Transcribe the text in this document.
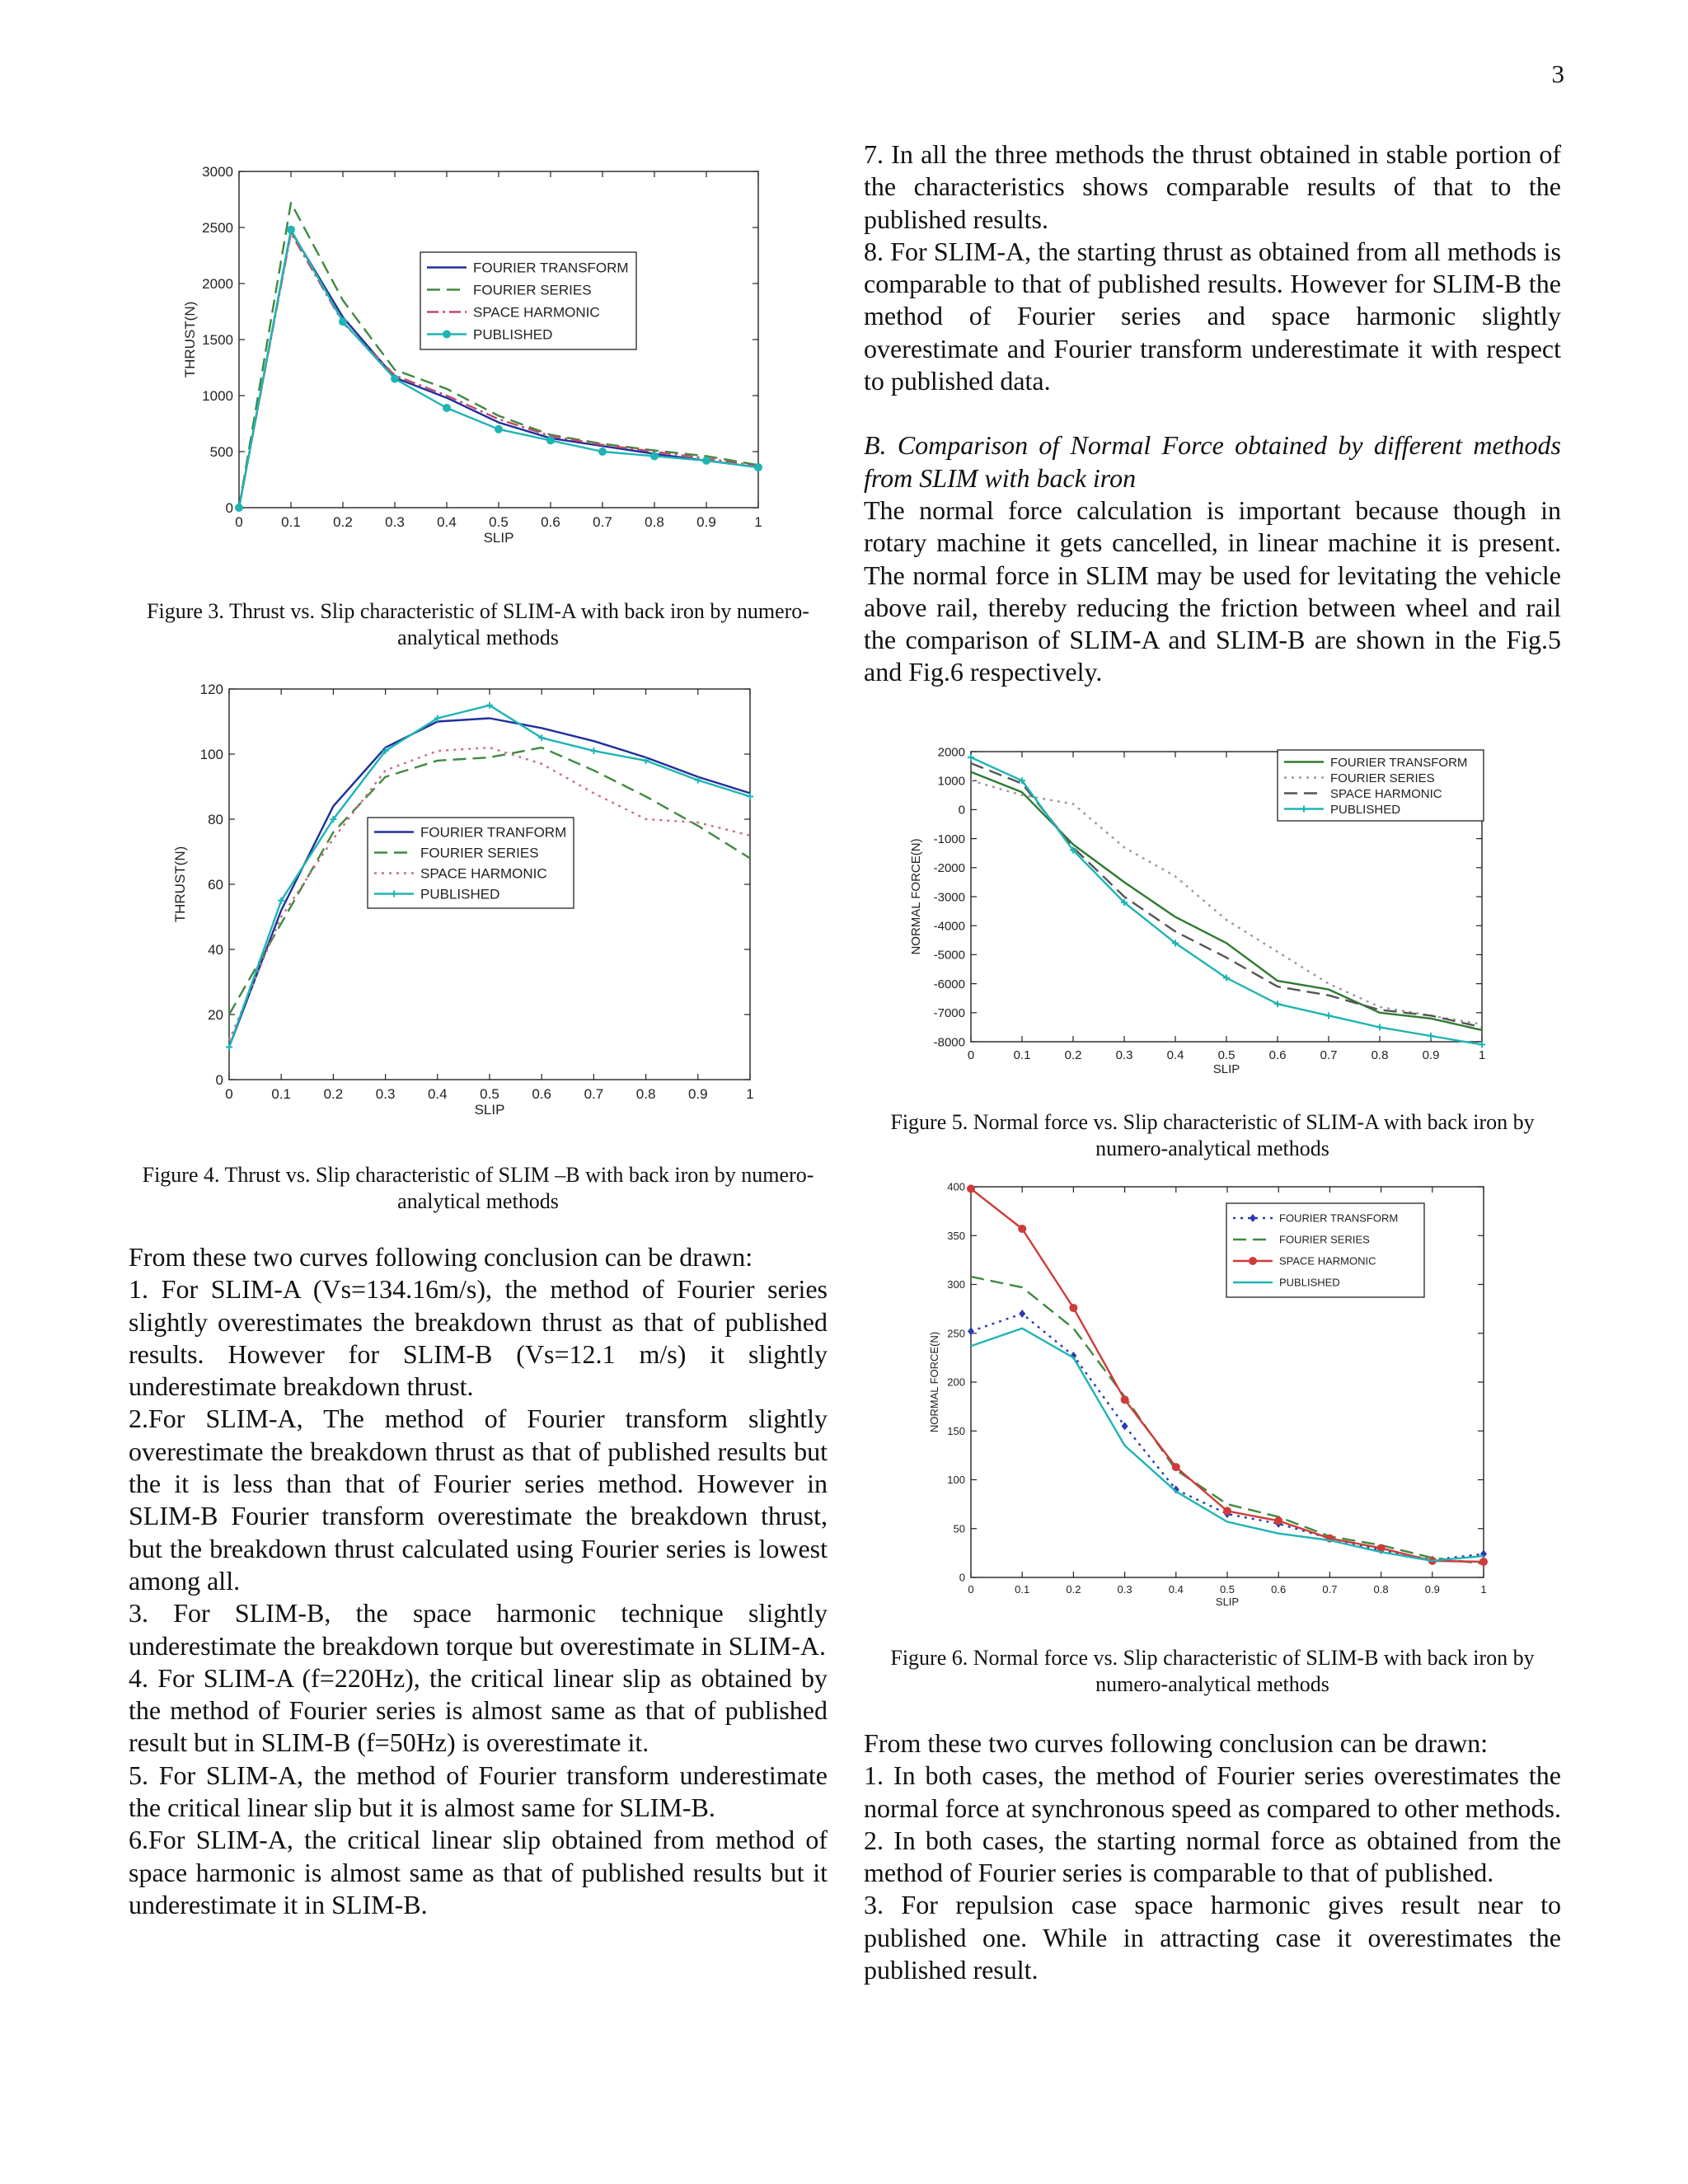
3
0	0.1 0.2 0.3 0.4 0.5 0.6 0.7 0.8 0.9	1
0
500
1000
1500
2000
2500
3000
SLIP
THRUST(N)
FOURIER TRANSFORM
FOURIER SERIES
SPACE HARMONIC
PUBLISHED
Figure 3. Thrust vs. Slip characteristic of SLIM-A with back iron by numero-analytical methods
0	0.1 0.2 0.3 0.4 0.5 0.6 0.7 0.8 0.9	1
0
20
40
60
80
100
120
SLIP
THRUST(N)
FOURIER TRANFORM
FOURIER SERIES
SPACE HARMONIC
PUBLISHED
Figure 4. Thrust vs. Slip characteristic of SLIM –B with back iron by numero-analytical methods
0	0.1	0.2	0.3	0.4	0.5	0.6	0.7	0.8	0.9	1
-8000
-7000
-6000
-5000
-4000
-3000
-2000
-1000
0
1000
2000
SLIP
NORMAL FORCE(N)
FOURIER TRANSFORM
FOURIER SERIES
SPACE HARMONIC
PUBLISHED
Figure 5. Normal force vs. Slip characteristic of SLIM-A with back iron by numero-analytical methods
0	0.1	0.2	0.3	0.4	0.5	0.6	0.7	0.8	0.9	1
0
50
100
150
200
250
300
350
400
SLIP
NORMAL FORCE(N)
FOURIER TRANSFORM
FOURIER SERIES
SPACE HARMONIC
PUBLISHED
Figure 6. Normal force vs. Slip characteristic of SLIM-B with back iron by numero-analytical methods

7. In all the three methods the thrust obtained in stable portion of the characteristics shows comparable results of that to the published results.

8. For SLIM-A, the starting thrust as obtained from all methods is comparable to that of published results. However for SLIM-B the method of Fourier series and space harmonic slightly overestimate and Fourier transform underestimate it with respect to published data.

B. Comparison of Normal Force obtained by different methods from SLIM with back iron

The normal force calculation is important because though in rotary machine it gets cancelled, in linear machine it is present. The normal force in SLIM may be used for levitating the vehicle above rail, thereby reducing the friction between wheel and rail the comparison of SLIM-A and SLIM-B are shown in the Fig.5 and Fig.6 respectively.

From these two curves following conclusion can be drawn:

1. In both cases, the method of Fourier series overestimates the normal force at synchronous speed as compared to other methods.

2. In both cases, the starting normal force as obtained from the method of Fourier series is comparable to that of published.

3. For repulsion case space harmonic gives result near to published one. While in attracting case it overestimates the published result.

From these two curves following conclusion can be drawn:

1. For SLIM-A (Vs=134.16m/s), the method of Fourier series slightly overestimates the breakdown thrust as that of published results. However for SLIM-B (Vs=12.1 m/s) it slightly underestimate breakdown thrust.

2.For SLIM-A, The method of Fourier transform slightly overestimate the breakdown thrust as that of published results but the it is less than that of Fourier series method. However in SLIM-B Fourier transform overestimate the breakdown thrust, but the breakdown thrust calculated using Fourier series is lowest among all.

3. For SLIM-B, the space harmonic technique slightly underestimate the breakdown torque but overestimate in SLIM-A.

4. For SLIM-A (f=220Hz), the critical linear slip as obtained by the method of Fourier series is almost same as that of published result but in SLIM-B (f=50Hz) is overestimate it.

5. For SLIM-A, the method of Fourier transform underestimate the critical linear slip but it is almost same for SLIM-B.

6.For SLIM-A, the critical linear slip obtained from method of space harmonic is almost same as that of published results but it underestimate it in SLIM-B.
